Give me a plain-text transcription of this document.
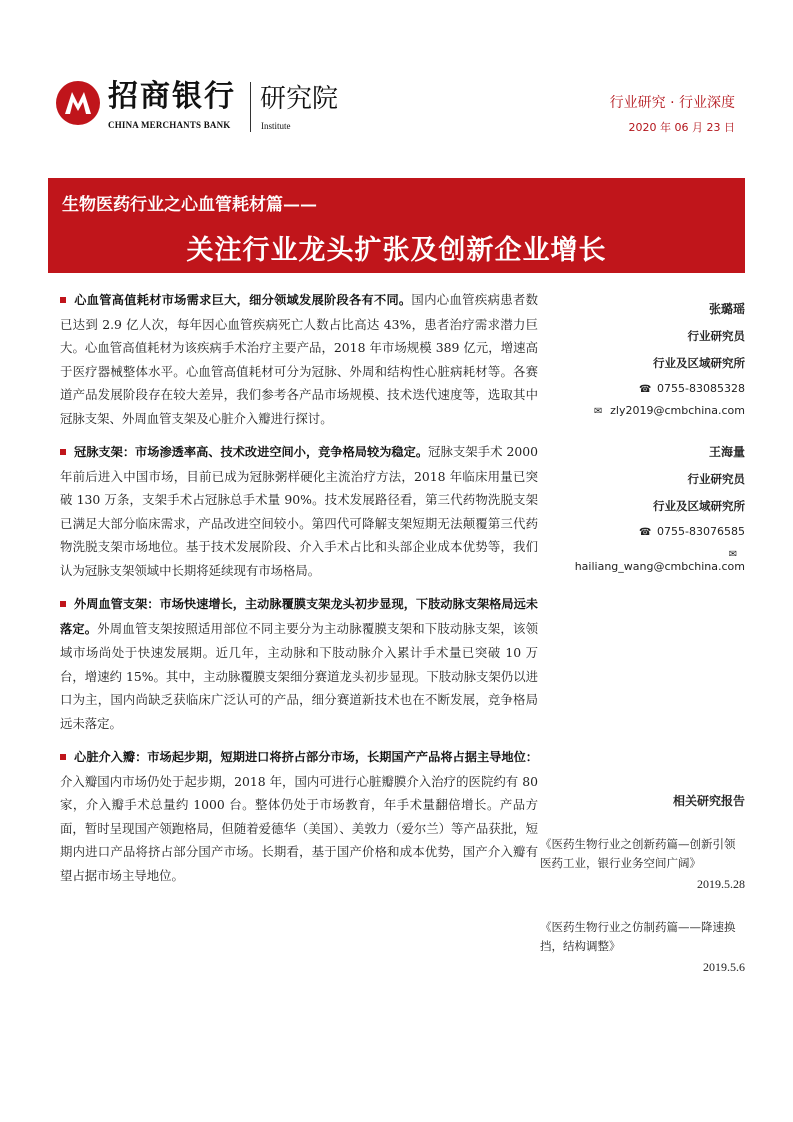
招商银行
CHINA MERCHANTS BANK
研究院
Institute
行业研究 · 行业深度
2020 年 06 月 23 日
生物医药行业之心血管耗材篇——
关注行业龙头扩张及创新企业增长

心血管高值耗材市场需求巨大，细分领域发展阶段各有不同。国内心血管疾病患者数已达到 2.9 亿人次，每年因心血管疾病死亡人数占比高达 43%，患者治疗需求潜力巨大。心血管高值耗材为该疾病手术治疗主要产品，2018 年市场规模 389 亿元，增速高于医疗器械整体水平。心血管高值耗材可分为冠脉、外周和结构性心脏病耗材等。各赛道产品发展阶段存在较大差异，我们参考各产品市场规模、技术迭代速度等，选取其中冠脉支架、外周血管支架及心脏介入瓣进行探讨。

冠脉支架：市场渗透率高、技术改进空间小，竞争格局较为稳定。冠脉支架手术 2000 年前后进入中国市场，目前已成为冠脉粥样硬化主流治疗方法，2018 年临床用量已突破 130 万条，支架手术占冠脉总手术量 90%。技术发展路径看，第三代药物洗脱支架已满足大部分临床需求，产品改进空间较小。第四代可降解支架短期无法颠覆第三代药物洗脱支架市场地位。基于技术发展阶段、介入手术占比和头部企业成本优势等，我们认为冠脉支架领域中长期将延续现有市场格局。

外周血管支架：市场快速增长，主动脉覆膜支架龙头初步显现，下肢动脉支架格局远未落定。外周血管支架按照适用部位不同主要分为主动脉覆膜支架和下肢动脉支架，该领域市场尚处于快速发展期。近几年，主动脉和下肢动脉介入累计手术量已突破 10 万台，增速约 15%。其中，主动脉覆膜支架细分赛道龙头初步显现。下肢动脉支架仍以进口为主，国内尚缺乏获临床广泛认可的产品，细分赛道新技术也在不断发展，竞争格局远未落定。

心脏介入瓣：市场起步期，短期进口将挤占部分市场，长期国产产品将占据主导地位：介入瓣国内市场仍处于起步期，2018 年，国内可进行心脏瓣膜介入治疗的医院约有 80 家，介入瓣手术总量约 1000 台。整体仍处于市场教育，年手术量翻倍增长。产品方面，暂时呈现国产领跑格局，但随着爱德华（美国）、美敦力（爱尔兰）等产品获批，短期内进口产品将挤占部分国产市场。长期看，基于国产价格和成本优势，国产介入瓣有望占据市场主导地位。

张璐瑶
行业研究员
行业及区域研究所
☎ 0755-83085328
✉ zly2019@cmbchina.com
王海量
行业研究员
行业及区域研究所
☎ 0755-83076585
✉hailiang_wang@cmbchina.com
相关研究报告
《医药生物行业之创新药篇—创新引领医药工业，银行业务空间广阔》
2019.5.28
《医药生物行业之仿制药篇——降速换挡，结构调整》
2019.5.6
